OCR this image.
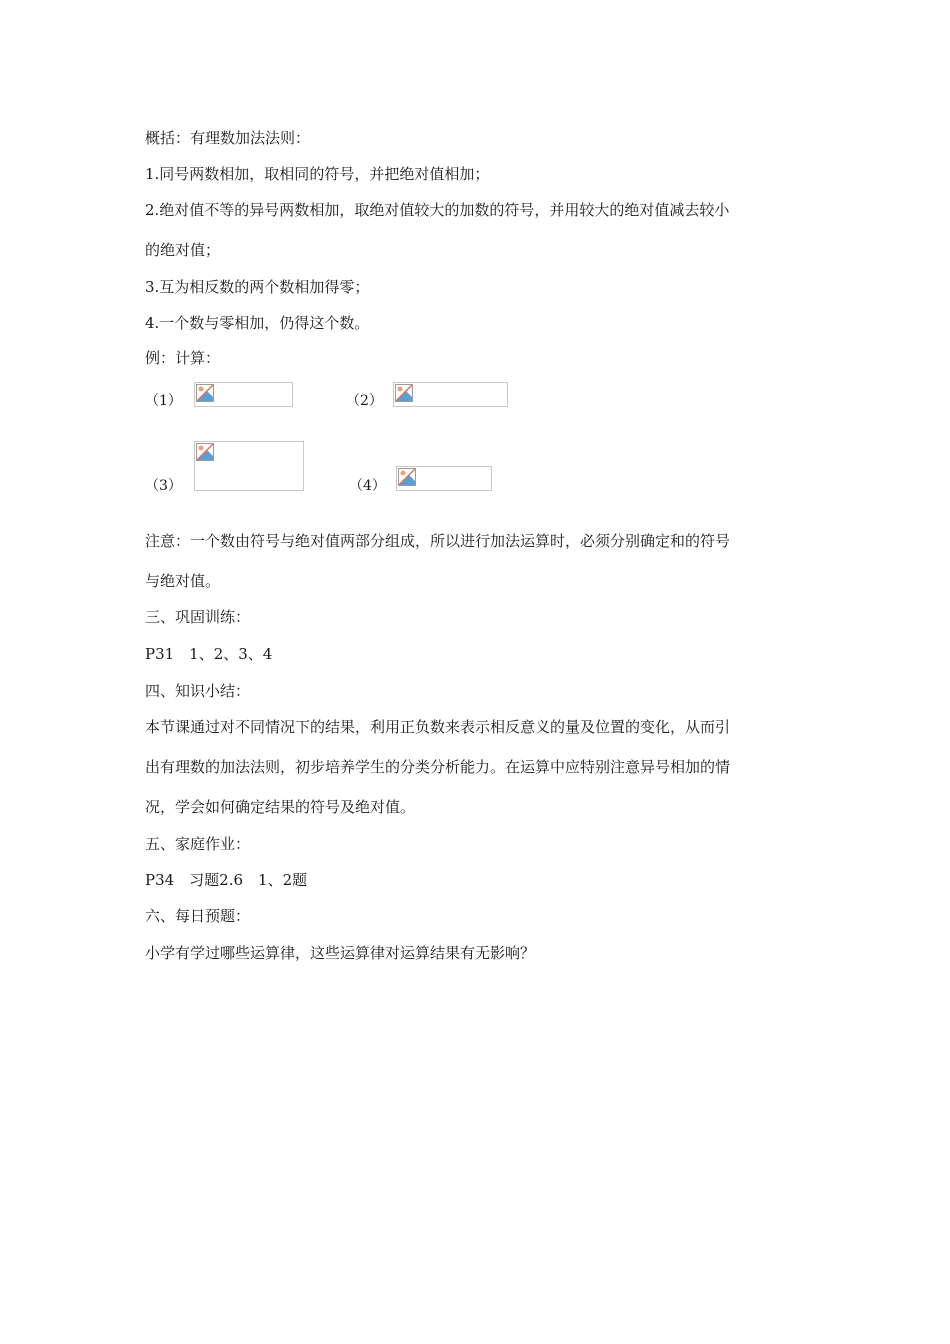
概括：有理数加法法则：
1.同号两数相加，取相同的符号，并把绝对值相加；
2.绝对值不等的异号两数相加，取绝对值较大的加数的符号，并用较大的绝对值减去较小
的绝对值；
3.互为相反数的两个数相加得零；
4.一个数与零相加，仍得这个数。
例：计算：
（1）	（2）
（3）	（4）
注意：一个数由符号与绝对值两部分组成，所以进行加法运算时，必须分别确定和的符号
与绝对值。
三、巩固训练：
P31　1、2、3、4
四、知识小结：
本节课通过对不同情况下的结果，利用正负数来表示相反意义的量及位置的变化，从而引
出有理数的加法法则，初步培养学生的分类分析能力。在运算中应特别注意异号相加的情
况，学会如何确定结果的符号及绝对值。
五、家庭作业：
P34　习题2.6　1、2题
六、每日预题：
小学有学过哪些运算律，这些运算律对运算结果有无影响？
